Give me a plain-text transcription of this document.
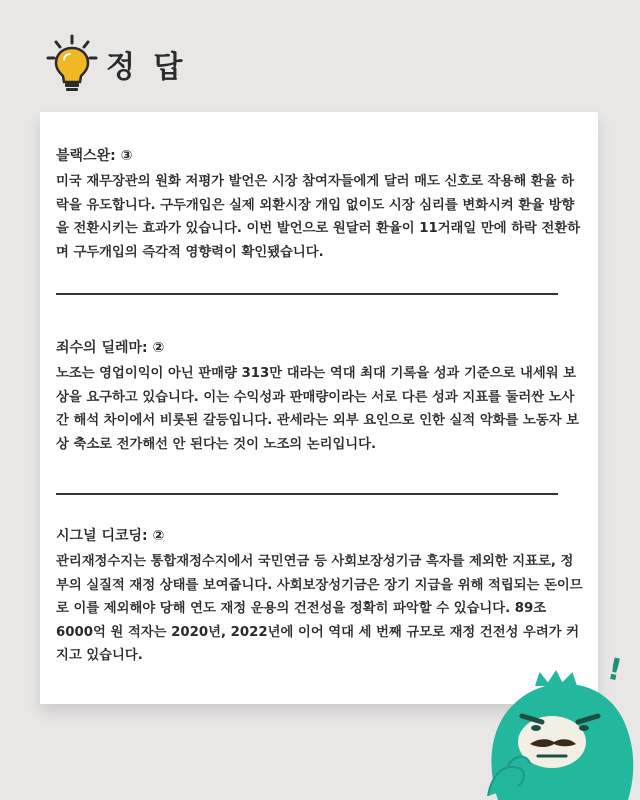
정 답
블랙스완: ③
미국 재무장관의 원화 저평가 발언은 시장 참여자들에게 달러 매도 신호로 작용해 환율 하락을 유도합니다. 구두개입은 실제 외환시장 개입 없이도 시장 심리를 변화시켜 환율 방향을 전환시키는 효과가 있습니다. 이번 발언으로 원달러 환율이 11거래일 만에 하락 전환하며 구두개입의 즉각적 영향력이 확인됐습니다.
죄수의 딜레마: ②
노조는 영업이익이 아닌 판매량 313만 대라는 역대 최대 기록을 성과 기준으로 내세워 보상을 요구하고 있습니다. 이는 수익성과 판매량이라는 서로 다른 성과 지표를 둘러싼 노사 간 해석 차이에서 비롯된 갈등입니다. 관세라는 외부 요인으로 인한 실적 악화를 노동자 보상 축소로 전가해선 안 된다는 것이 노조의 논리입니다.
시그널 디코딩: ②
관리재정수지는 통합재정수지에서 국민연금 등 사회보장성기금 흑자를 제외한 지표로, 정부의 실질적 재정 상태를 보여줍니다. 사회보장성기금은 장기 지급을 위해 적립되는 돈이므로 이를 제외해야 당해 연도 재정 운용의 건전성을 정확히 파악할 수 있습니다. 89조 6000억 원 적자는 2020년, 2022년에 이어 역대 세 번째 규모로 재정 건전성 우려가 커지고 있습니다.	!
